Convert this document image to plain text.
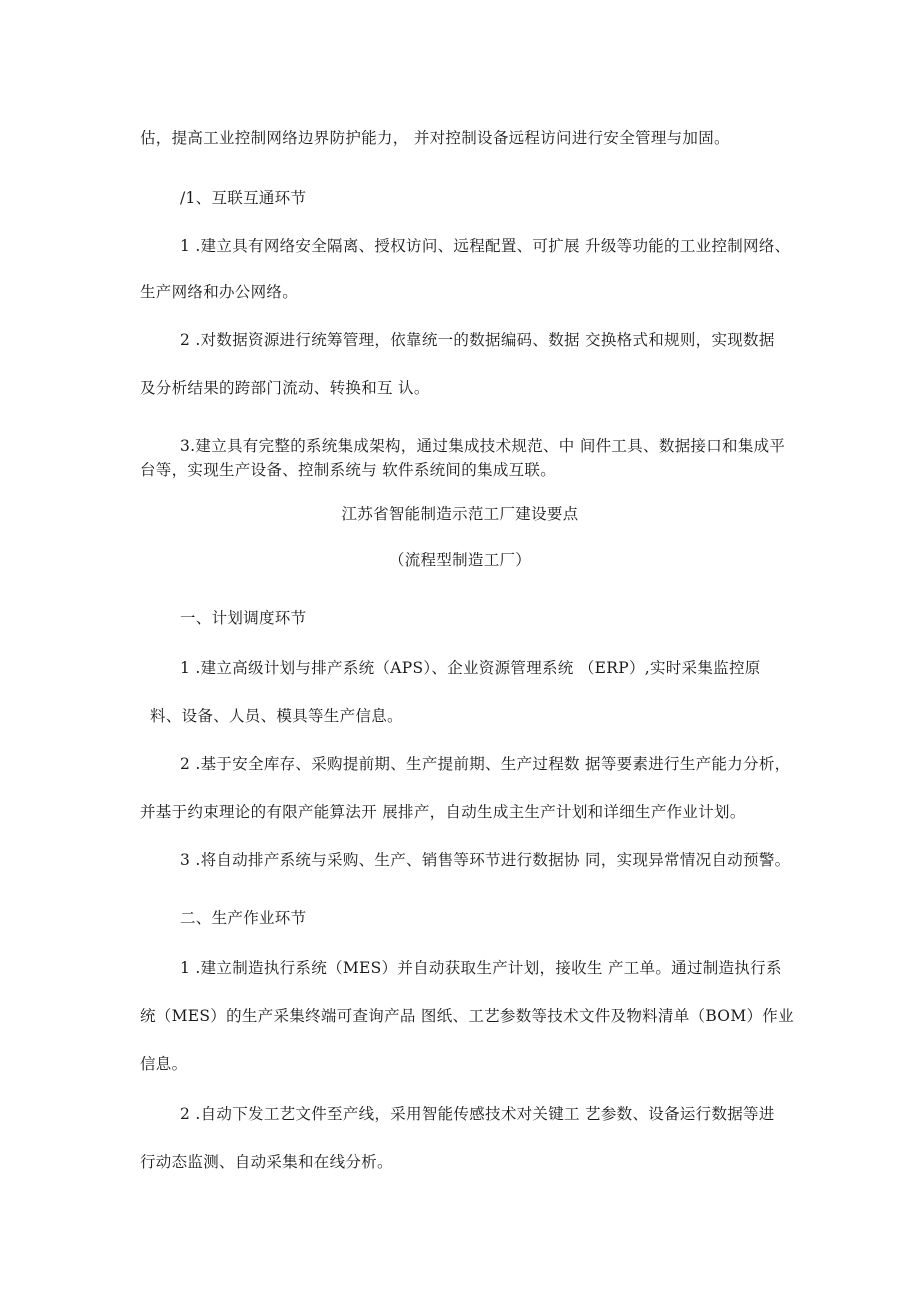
估，提高工业控制网络边界防护能力， 并对控制设备远程访问进行安全管理与加固。
/1、互联互通环节
1 .建立具有网络安全隔离、授权访问、远程配置、可扩展 升级等功能的工业控制网络、
生产网络和办公网络。
2 .对数据资源进行统筹管理，依靠统一的数据编码、数据 交换格式和规则，实现数据
及分析结果的跨部门流动、转换和互 认。
3.建立具有完整的系统集成架构，通过集成技术规范、中 间件工具、数据接口和集成平
台等，实现生产设备、控制系统与 软件系统间的集成互联。
江苏省智能制造示范工厂建设要点
（流程型制造工厂）
一、计划调度环节
1 .建立高级计划与排产系统（APS）、企业资源管理系统 （ERP）,实时采集监控原
料、设备、人员、模具等生产信息。
2 .基于安全库存、采购提前期、生产提前期、生产过程数 据等要素进行生产能力分析，
并基于约束理论的有限产能算法开 展排产，自动生成主生产计划和详细生产作业计划。
3 .将自动排产系统与采购、生产、销售等环节进行数据协 同，实现异常情况自动预警。
二、生产作业环节
1 .建立制造执行系统（MES）并自动获取生产计划，接收生 产工单。通过制造执行系
统（MES）的生产采集终端可查询产品 图纸、工艺参数等技术文件及物料清单（BOM）作业
信息。
2 .自动下发工艺文件至产线，采用智能传感技术对关键工 艺参数、设备运行数据等进
行动态监测、自动采集和在线分析。
